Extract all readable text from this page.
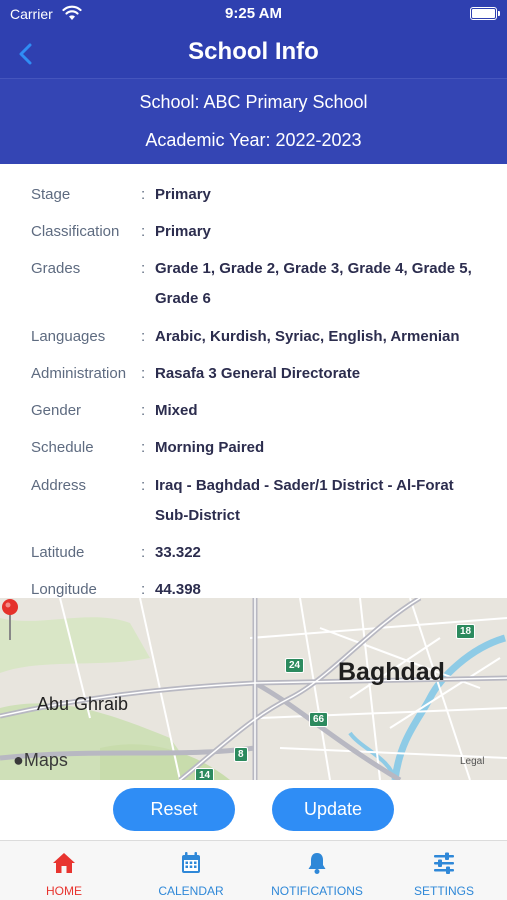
Carrier	9:25 AM
School Info
School: ABC Primary School
Academic Year: 2022-2023
Stage	: Primary
Classification	: Primary
Grades	: Grade 1, Grade 2, Grade 3, Grade 4, Grade 5, Grade 6
Languages	: Arabic, Kurdish, Syriac, English, Armenian
Administration : Rasafa 3 General Directorate
Gender	: Mixed
Schedule	: Morning Paired
Address	: Iraq - Baghdad - Sader/1 District - Al-Forat Sub-District
Latitude	: 33.322
Longitude	: 44.398
Baghdad
Abu Ghraib
18
24
66
8
14
●Maps	Legal
Reset	Update
HOME	CALENDAR	NOTIFICATIONS	SETTINGS
